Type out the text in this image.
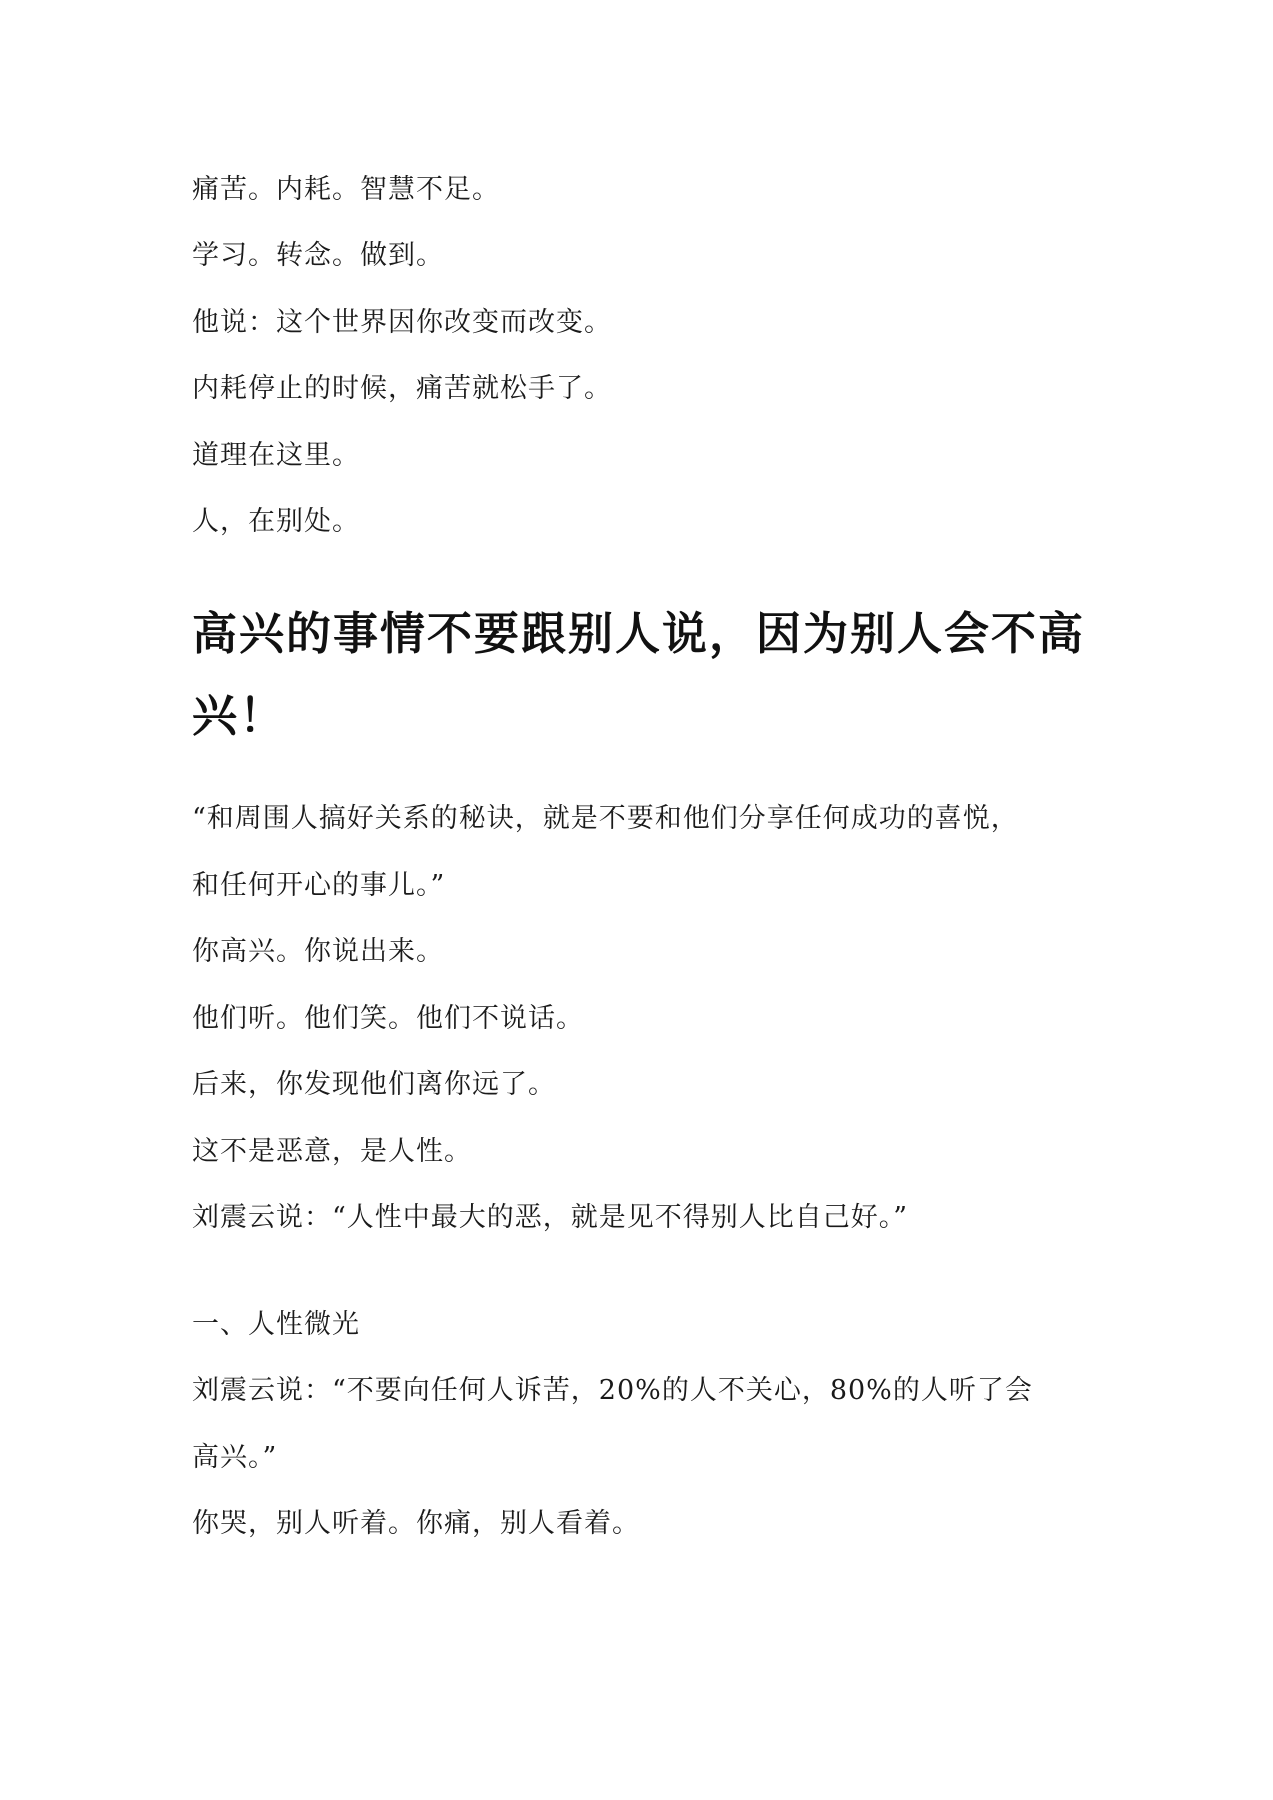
痛苦。内耗。智慧不足。

学习。转念。做到。

他说：这个世界因你改变而改变。

内耗停止的时候，痛苦就松手了。

道理在这里。

人，在别处。

高兴的事情不要跟别人说，因为别人会不高
兴！

“和周围人搞好关系的秘诀，就是不要和他们分享任何成功的喜悦，

和任何开心的事儿。”

你高兴。你说出来。

他们听。他们笑。他们不说话。

后来，你发现他们离你远了。

这不是恶意，是人性。

刘震云说：“人性中最大的恶，就是见不得别人比自己好。”

一、人性微光

刘震云说：“不要向任何人诉苦，20%的人不关心，80%的人听了会

高兴。”

你哭，别人听着。你痛，别人看着。
